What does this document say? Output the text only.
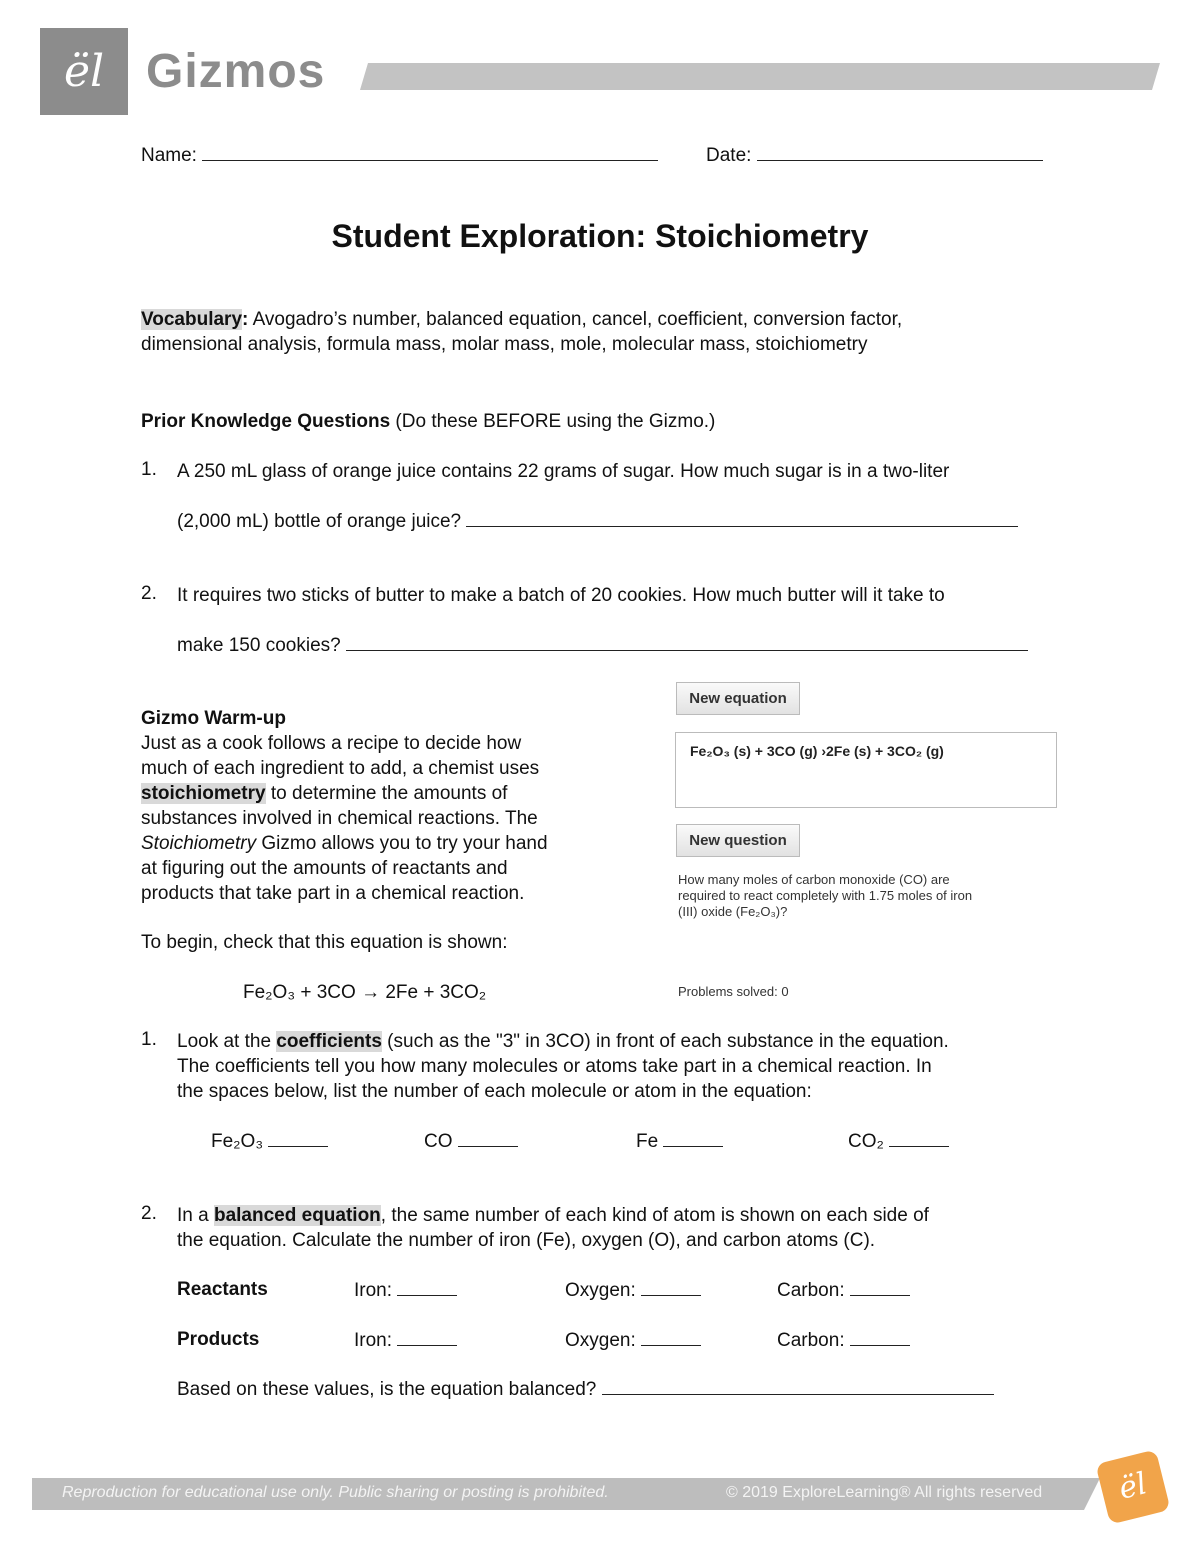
ël Gizmos
Name:	Date:
Student Exploration: Stoichiometry
Vocabulary: Avogadro’s number, balanced equation, cancel, coefficient, conversion factor,
dimensional analysis, formula mass, molar mass, mole, molecular mass, stoichiometry
Prior Knowledge Questions (Do these BEFORE using the Gizmo.)
1.	A 250 mL glass of orange juice contains 22 grams of sugar. How much sugar is in a two-liter
(2,000 mL) bottle of orange juice?
2.	It requires two sticks of butter to make a batch of 20 cookies. How much butter will it take to
make 150 cookies?
Gizmo Warm-up
Just as a cook follows a recipe to decide how
much of each ingredient to add, a chemist uses
stoichiometry to determine the amounts of
substances involved in chemical reactions. The
Stoichiometry Gizmo allows you to try your hand
at figuring out the amounts of reactants and
products that take part in a chemical reaction.
To begin, check that this equation is shown:
Fe₂O₃ + 3CO → 2Fe + 3CO₂
New equation
Fe₂O₃ (s) + 3CO (g) ›2Fe (s) + 3CO₂ (g)
New question
How many moles of carbon monoxide (CO) are
required to react completely with 1.75 moles of iron
(III) oxide (Fe₂O₃)?
Problems solved: 0
1.	Look at the coefficients (such as the "3" in 3CO) in front of each substance in the equation.
The coefficients tell you how many molecules or atoms take part in a chemical reaction. In
the spaces below, list the number of each molecule or atom in the equation:
Fe₂O₃	CO	Fe	CO₂
2.	In a balanced equation, the same number of each kind of atom is shown on each side of
the equation. Calculate the number of iron (Fe), oxygen (O), and carbon atoms (C).
Reactants	Iron:	Oxygen:	Carbon:
Products	Iron:	Oxygen:	Carbon:
Based on these values, is the equation balanced?
Reproduction for educational use only. Public sharing or posting is prohibited.	© 2019 ExploreLearning® All rights reserved	ël
